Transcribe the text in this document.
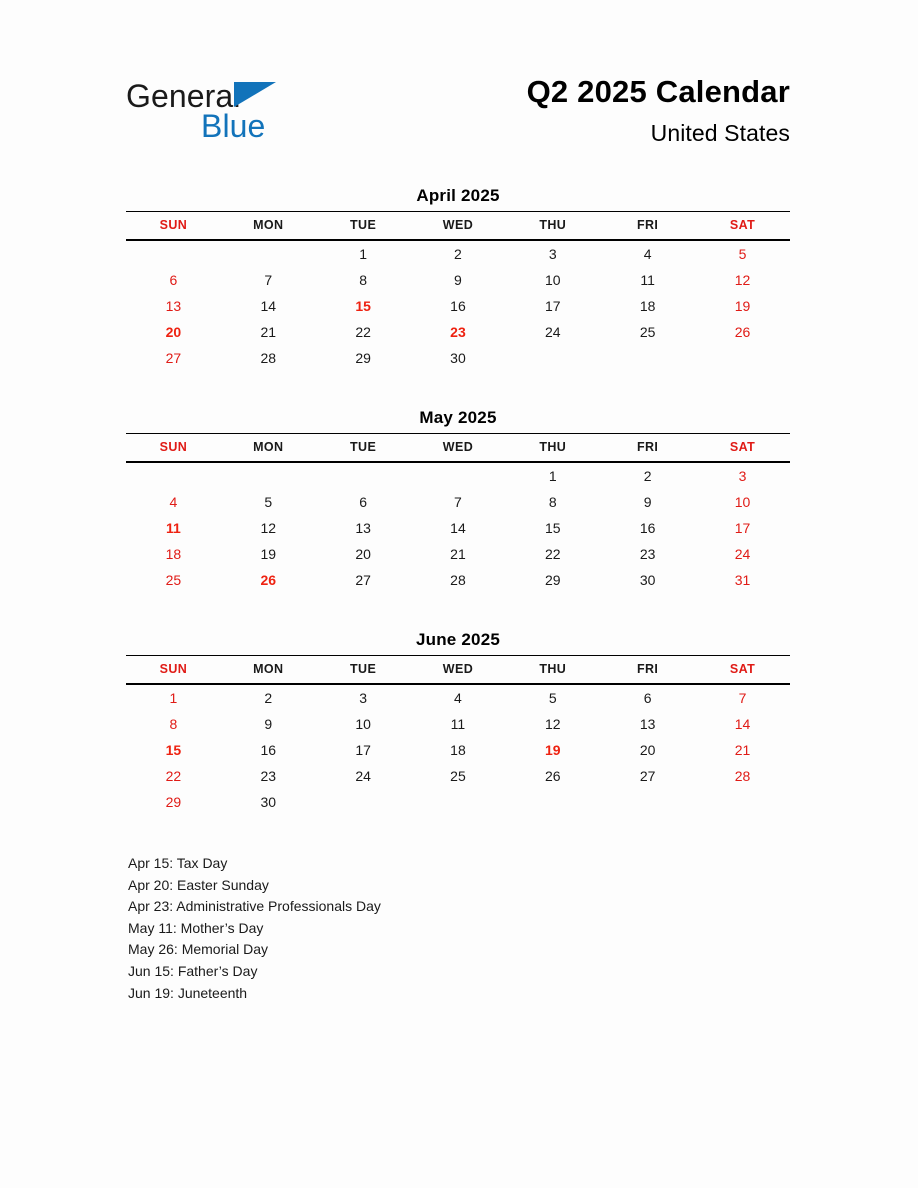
General
Blue
Q2 2025 Calendar
United States
April 2025
SUN	MON	TUE	WED	THU	FRI	SAT
		1	2	3	4	5
6	7	8	9	10	11	12
13	14	15	16	17	18	19
20	21	22	23	24	25	26
27	28	29	30			
May 2025
SUN	MON	TUE	WED	THU	FRI	SAT
				1	2	3
4	5	6	7	8	9	10
11	12	13	14	15	16	17
18	19	20	21	22	23	24
25	26	27	28	29	30	31
June 2025
SUN	MON	TUE	WED	THU	FRI	SAT
1	2	3	4	5	6	7
8	9	10	11	12	13	14
15	16	17	18	19	20	21
22	23	24	25	26	27	28
29	30					
Apr 15: Tax Day
Apr 20: Easter Sunday
Apr 23: Administrative Professionals Day
May 11: Mother’s Day
May 26: Memorial Day
Jun 15: Father’s Day
Jun 19: Juneteenth
